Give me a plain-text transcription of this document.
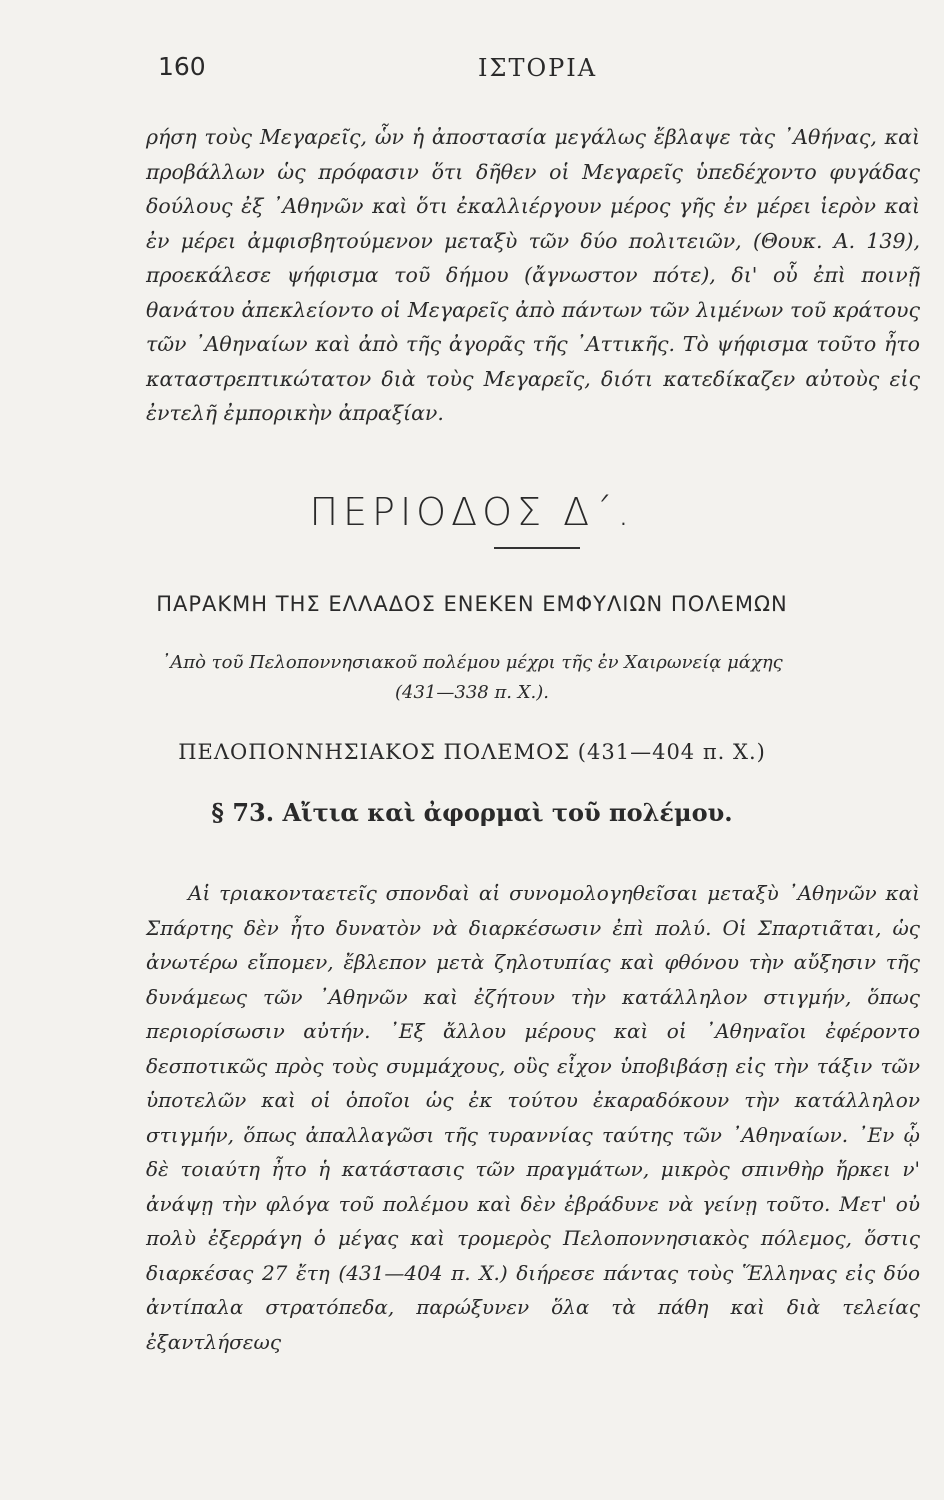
160	ΙΣΤΟΡΙΑ

ρήση τοὺς Μεγαρεῖς, ὧν ἡ ἀποστασία μεγάλως ἔβλαψε τὰς ᾿Αθήνας, καὶ προβάλλων ὡς πρόφασιν ὅτι δῆθεν οἱ Μεγαρεῖς ὑπεδέχοντο φυγάδας δούλους ἐξ ᾿Αθηνῶν καὶ ὅτι ἐκαλλιέργουν μέρος γῆς ἐν μέρει ἱερὸν καὶ ἐν μέρει ἀμφισβητούμενον μεταξὺ τῶν δύο πολιτειῶν, (Θουκ. Α. 139), προεκάλεσε ψήφισμα τοῦ δήμου (ἄγνωστον πότε), δι' οὗ ἐπὶ ποινῇ θανάτου ἀπεκλείοντο οἱ Μεγαρεῖς ἀπὸ πάντων τῶν λιμένων τοῦ κράτους τῶν ᾿Αθηναίων καὶ ἀπὸ τῆς ἀγορᾶς τῆς ᾿Αττικῆς. Τὸ ψήφισμα τοῦτο ἦτο καταστρεπτικώτατον διὰ τοὺς Μεγαρεῖς, διότι κατεδίκαζεν αὐτοὺς εἰς ἐντελῆ ἐμπορικὴν ἀπραξίαν.

ΠΕΡΙΟΔΟΣ Δ΄.
ΠΑΡΑΚΜΗ ΤΗΣ ΕΛΛΑΔΟΣ ΕΝΕΚΕΝ ΕΜΦΥΛΙΩΝ ΠΟΛΕΜΩΝ
᾿Απὸ τοῦ Πελοποννησιακοῦ πολέμου μέχρι τῆς ἐν Χαιρωνείᾳ μάχης
(431—338 π. Χ.).
ΠΕΛΟΠΟΝΝΗΣΙΑΚΟΣ ΠΟΛΕΜΟΣ (431—404 π. Χ.)
§ 73. Αἴτια καὶ ἀφορμαὶ τοῦ πολέμου.

Αἱ τριακονταετεῖς σπονδαὶ αἱ συνομολογηθεῖσαι μεταξὺ ᾿Αθηνῶν καὶ Σπάρτης δὲν ἦτο δυνατὸν νὰ διαρκέσωσιν ἐπὶ πολύ. Οἱ Σπαρτιᾶται, ὡς ἀνωτέρω εἴπομεν, ἔβλεπον μετὰ ζηλοτυπίας καὶ φθόνου τὴν αὔξησιν τῆς δυνάμεως τῶν ᾿Αθηνῶν καὶ ἐζήτουν τὴν κατάλληλον στιγμήν, ὅπως περιορίσωσιν αὐτήν. ᾿Εξ ἄλλου μέρους καὶ οἱ ᾿Αθηναῖοι ἐφέροντο δεσποτικῶς πρὸς τοὺς συμμάχους, οὓς εἶχον ὑποβιβάσῃ εἰς τὴν τάξιν τῶν ὑποτελῶν καὶ οἱ ὁποῖοι ὡς ἐκ τούτου ἐκαραδόκουν τὴν κατάλληλον στιγμήν, ὅπως ἀπαλλαγῶσι τῆς τυραννίας ταύτης τῶν ᾿Αθηναίων. ᾿Εν ᾧ δὲ τοιαύτη ἦτο ἡ κατάστασις τῶν πραγμάτων, μικρὸς σπινθὴρ ἤρκει ν' ἀνάψῃ τὴν φλόγα τοῦ πολέμου καὶ δὲν ἐβράδυνε νὰ γείνῃ τοῦτο. Μετ' οὐ πολὺ ἐξερράγη ὁ μέγας καὶ τρομερὸς Πελοποννησιακὸς πόλεμος, ὅστις διαρκέσας 27 ἔτη (431—404 π. Χ.) διήρεσε πάντας τοὺς Ἕλληνας εἰς δύο ἀντίπαλα στρατόπεδα, παρώξυνεν ὅλα τὰ πάθη καὶ διὰ τελείας ἐξαντλήσεως
